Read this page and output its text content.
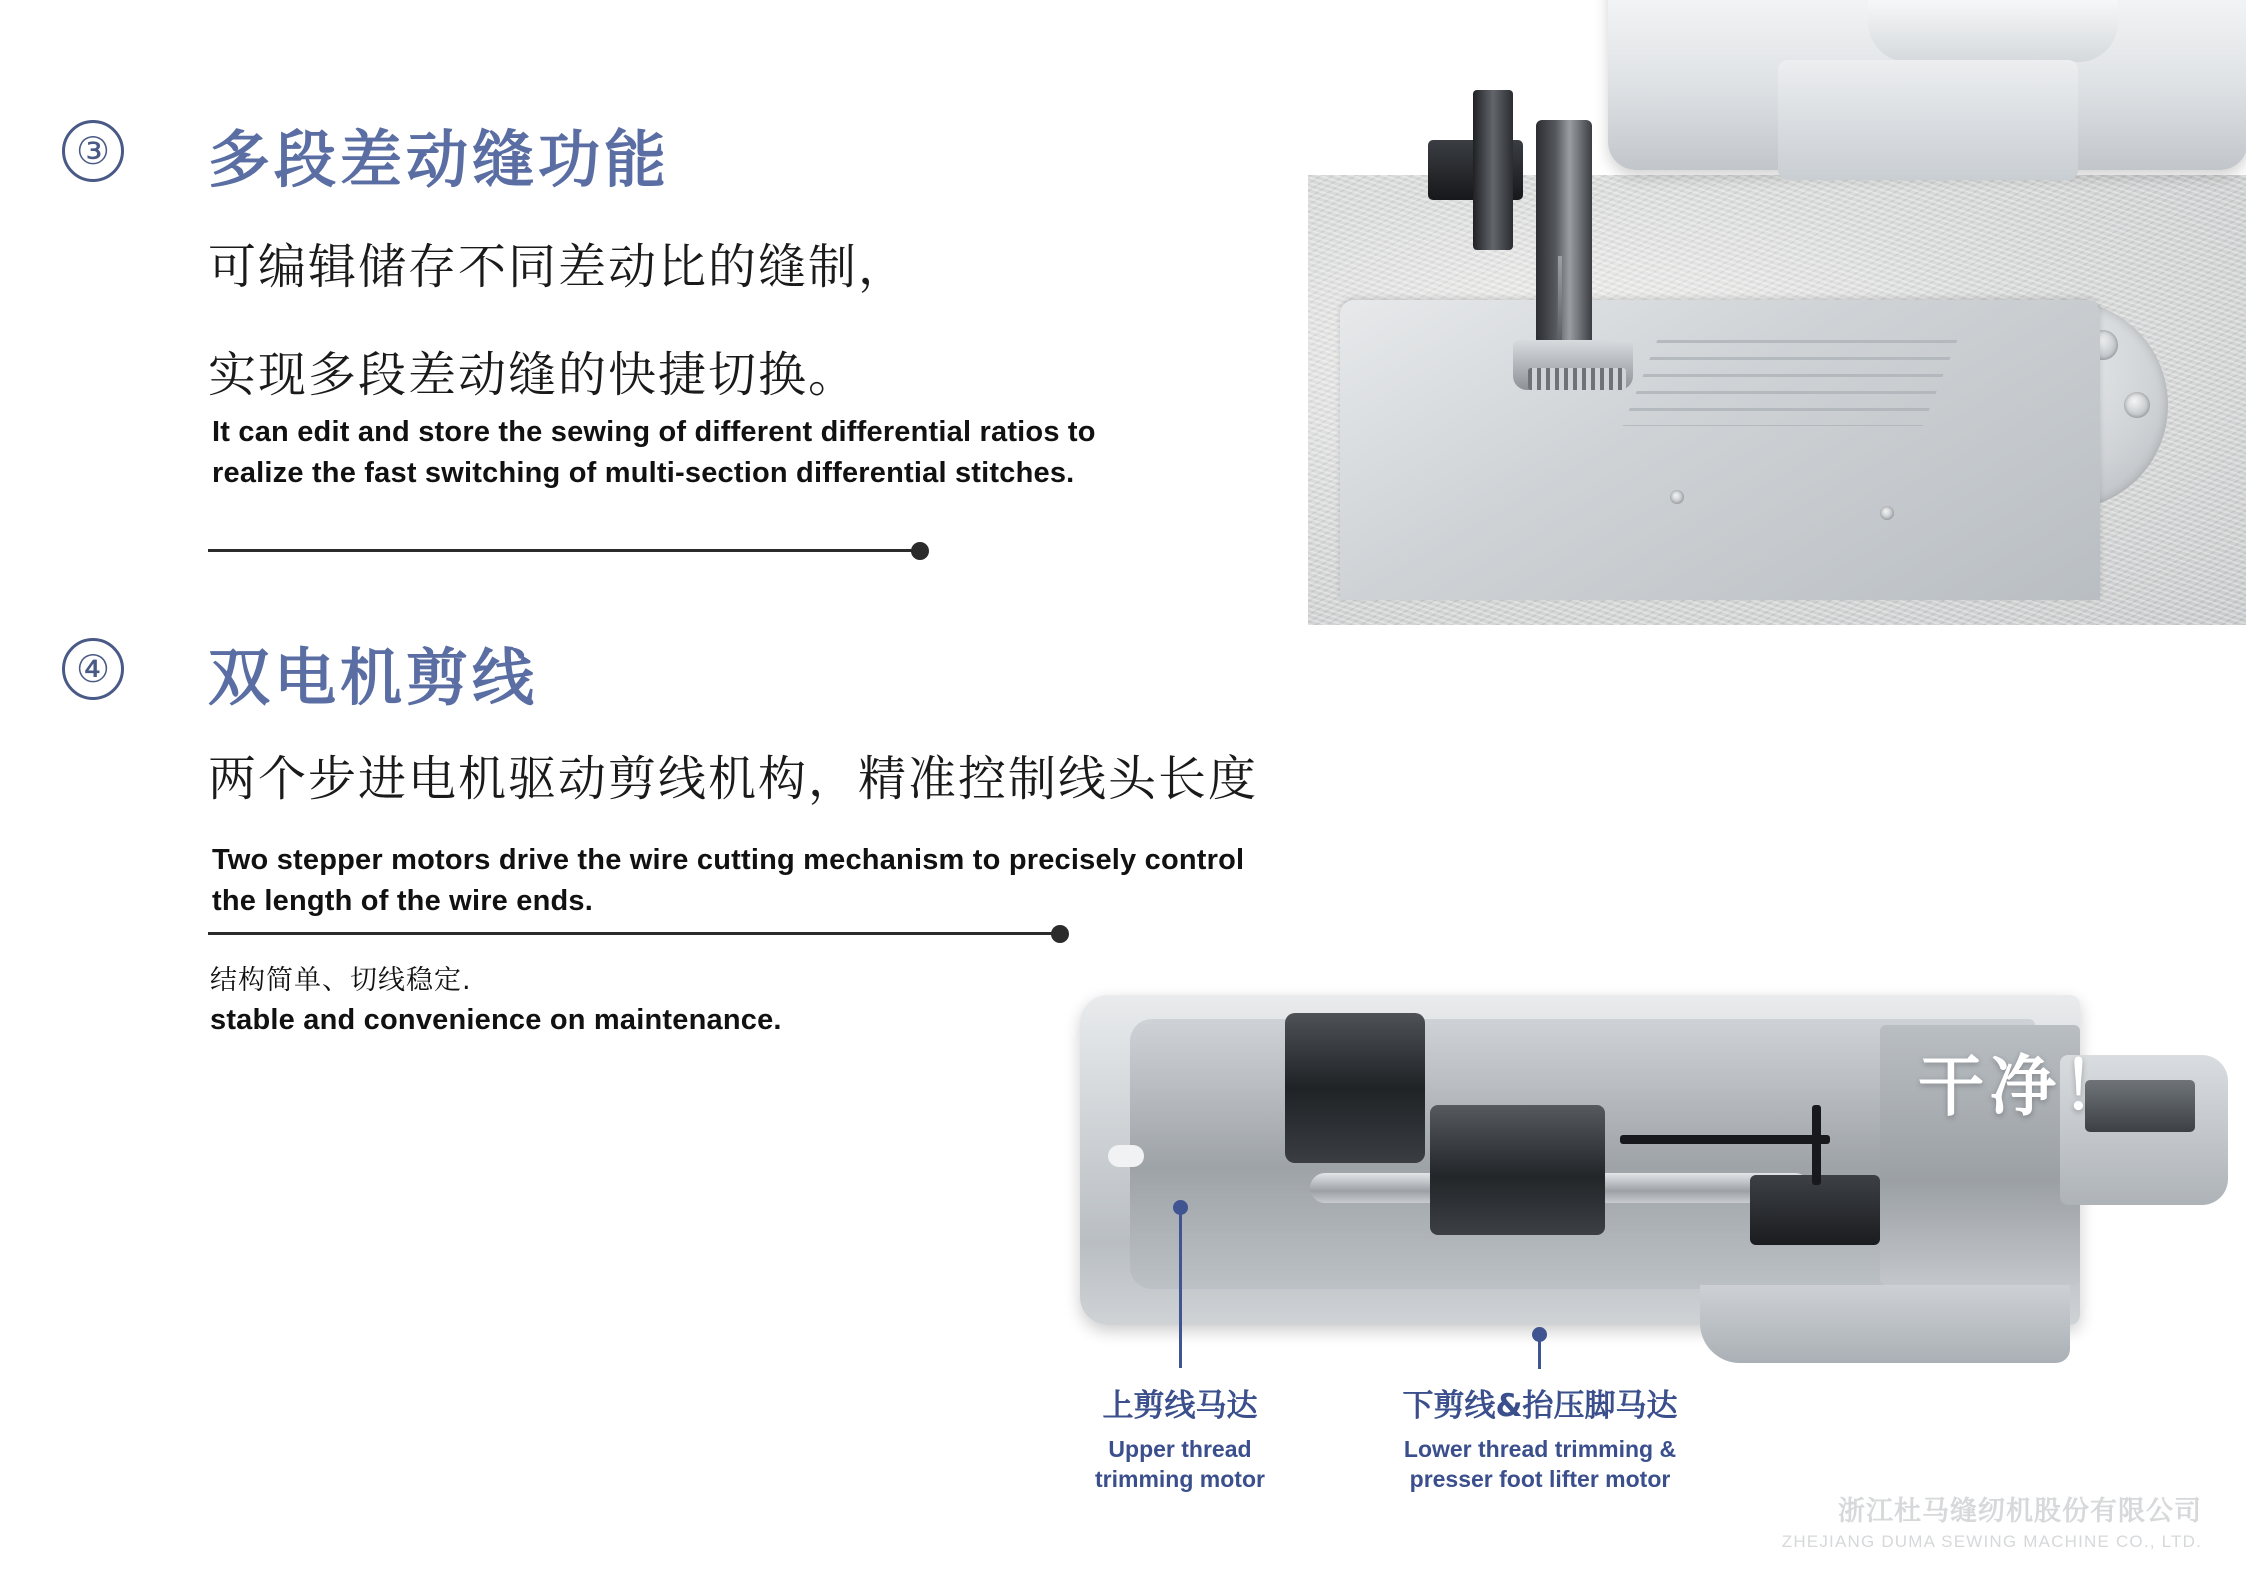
③ 多段差动缝功能
可编辑储存不同差动比的缝制，
实现多段差动缝的快捷切换。
It can edit and store the sewing of different differential ratios to
realize the fast switching of multi-section differential stitches.
④ 双电机剪线
两个步进电机驱动剪线机构，精准控制线头长度
Two stepper motors drive the wire cutting mechanism to precisely control
the length of the wire ends.
结构简单、切线稳定.
stable and convenience on maintenance.
干净！
上剪线马达
Upper thread
trimming motor
下剪线&抬压脚马达
Lower thread trimming &
presser foot lifter motor
浙江杜马缝纫机股份有限公司
ZHEJIANG DUMA SEWING MACHINE CO., LTD.
